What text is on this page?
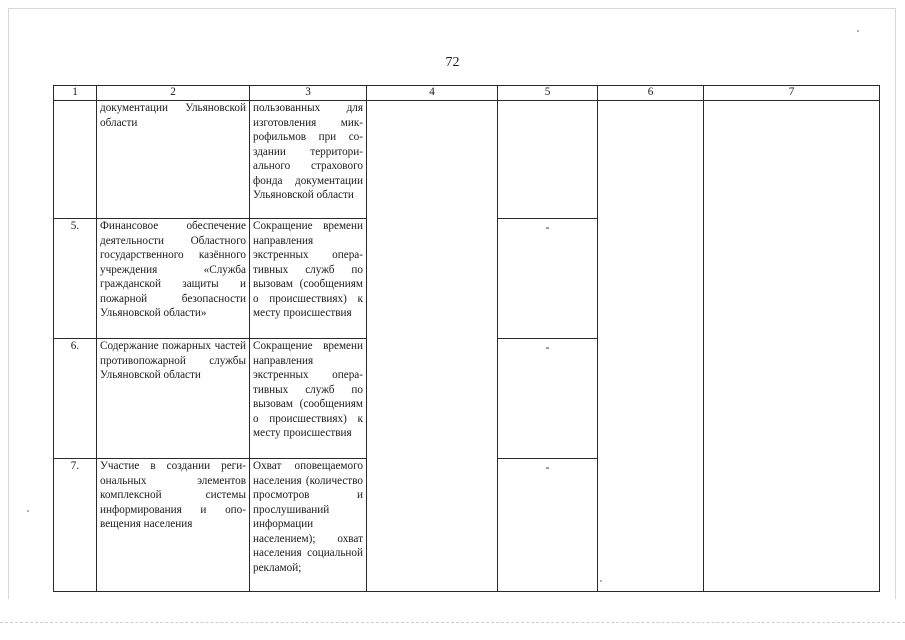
72
1	2	3	4	5	6	7
	документации Ульяновской области	пользованных для изготовления микрофильмов при создании территориального страхового фонда документации Ульяновской области				
5.	Финансовое обеспечение деятельности Областного государственного казённого учреждения «Служба гражданской защиты и пожарной безопасности Ульяновской области»	Сокращение времени направления экстренных оперативных служб по вызовам (сообщениям о происшествиях) к месту происшествия		-		
6.	Содержание пожарных частей противопожарной службы Ульяновской области	Сокращение времени направления экстренных оперативных служб по вызовам (сообщениям о происшествиях) к месту происшествия		-		
7.	Участие в создании региональных элементов комплексной системы информирования и оповещения населения	Охват оповещаемого населения (количество просмотров и прослушиваний информации населением); охват населения социальной рекламой;		-		
